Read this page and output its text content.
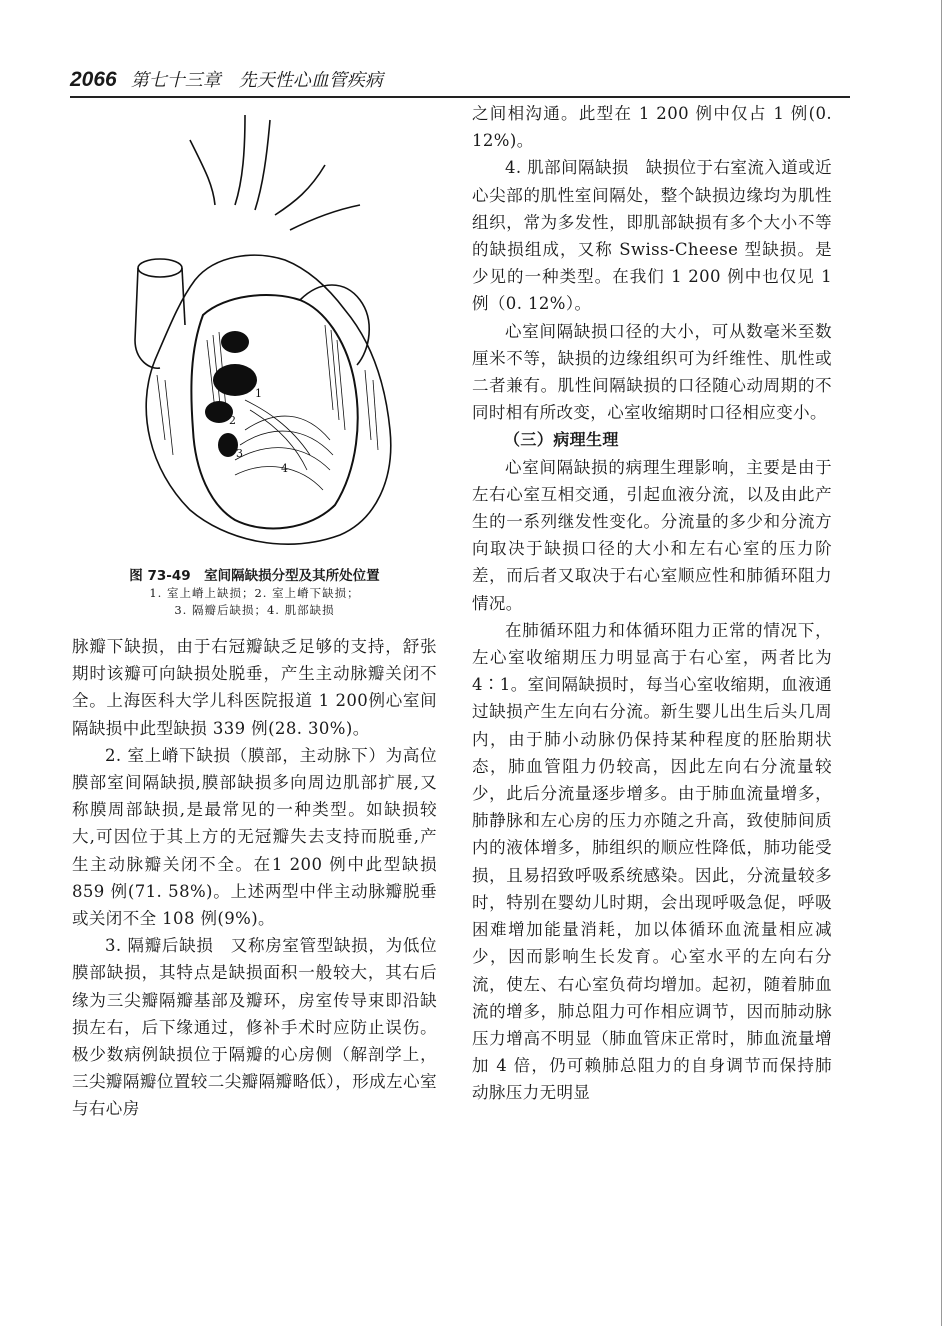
2066 第七十三章　先天性心血管疾病
1
2
3
4
图 73-49　室间隔缺损分型及其所处位置
1. 室上嵴上缺损；2. 室上嵴下缺损；
3. 隔瓣后缺损；4. 肌部缺损

脉瓣下缺损，由于右冠瓣缺乏足够的支持，舒张期时该瓣可向缺损处脱垂，产生主动脉瓣关闭不全。上海医科大学儿科医院报道 1 200例心室间隔缺损中此型缺损 339 例(28. 30%)。

2. 室上嵴下缺损（膜部，主动脉下）为高位膜部室间隔缺损,膜部缺损多向周边肌部扩展,又称膜周部缺损,是最常见的一种类型。如缺损较大,可因位于其上方的无冠瓣失去支持而脱垂,产生主动脉瓣关闭不全。在1 200 例中此型缺损 859 例(71. 58%)。上述两型中伴主动脉瓣脱垂或关闭不全 108 例(9%)。

3. 隔瓣后缺损　又称房室管型缺损，为低位膜部缺损，其特点是缺损面积一般较大，其右后缘为三尖瓣隔瓣基部及瓣环，房室传导束即沿缺损左右，后下缘通过，修补手术时应防止误伤。极少数病例缺损位于隔瓣的心房侧（解剖学上，三尖瓣隔瓣位置较二尖瓣隔瓣略低），形成左心室与右心房

之间相沟通。此型在 1 200 例中仅占 1 例(0. 12%)。

4. 肌部间隔缺损　缺损位于右室流入道或近心尖部的肌性室间隔处，整个缺损边缘均为肌性组织，常为多发性，即肌部缺损有多个大小不等的缺损组成，又称 Swiss-Cheese 型缺损。是少见的一种类型。在我们 1 200 例中也仅见 1 例（0. 12%）。

心室间隔缺损口径的大小，可从数毫米至数厘米不等，缺损的边缘组织可为纤维性、肌性或二者兼有。肌性间隔缺损的口径随心动周期的不同时相有所改变，心室收缩期时口径相应变小。

（三）病理生理

心室间隔缺损的病理生理影响，主要是由于左右心室互相交通，引起血液分流，以及由此产生的一系列继发性变化。分流量的多少和分流方向取决于缺损口径的大小和左右心室的压力阶差，而后者又取决于右心室顺应性和肺循环阻力情况。

在肺循环阻力和体循环阻力正常的情况下，左心室收缩期压力明显高于右心室，两者比为 4∶1。室间隔缺损时，每当心室收缩期，血液通过缺损产生左向右分流。新生婴儿出生后头几周内，由于肺小动脉仍保持某种程度的胚胎期状态，肺血管阻力仍较高，因此左向右分流量较少，此后分流量逐步增多。由于肺血流量增多，肺静脉和左心房的压力亦随之升高，致使肺间质内的液体增多，肺组织的顺应性降低，肺功能受损，且易招致呼吸系统感染。因此，分流量较多时，特别在婴幼儿时期，会出现呼吸急促，呼吸困难增加能量消耗，加以体循环血流量相应减少，因而影响生长发育。心室水平的左向右分流，使左、右心室负荷均增加。起初，随着肺血流的增多，肺总阻力可作相应调节，因而肺动脉压力增高不明显（肺血管床正常时，肺血流量增加 4 倍，仍可赖肺总阻力的自身调节而保持肺动脉压力无明显
